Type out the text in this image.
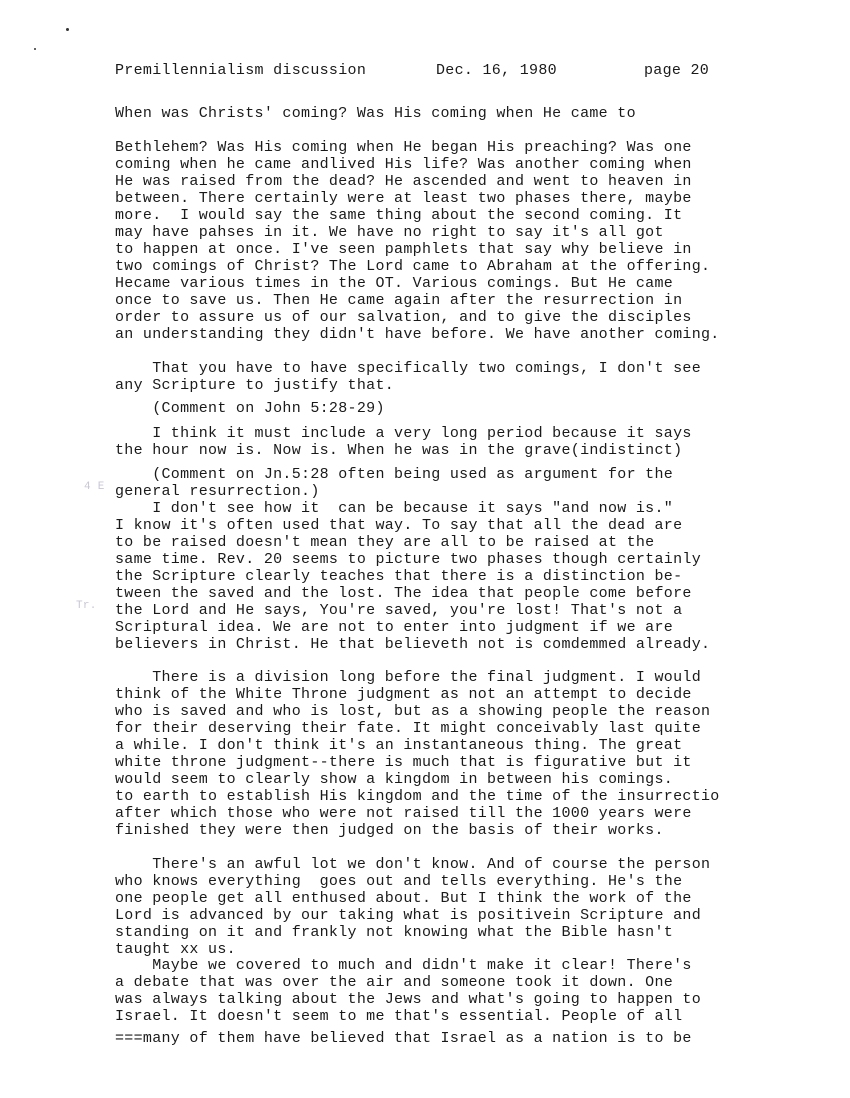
Premillennialism discussion	Dec. 16, 1980	page 20
4 E
Tr.
When was Christs' coming? Was His coming when He came to
Bethlehem? Was His coming when He began His preaching? Was one
coming when he came andlived His life? Was another coming when
He was raised from the dead? He ascended and went to heaven in
between. There certainly were at least two phases there, maybe
more.  I would say the same thing about the second coming. It
may have pahses in it. We have no right to say it's all got
to happen at once. I've seen pamphlets that say why believe in
two comings of Christ? The Lord came to Abraham at the offering.
Hecame various times in the OT. Various comings. But He came
once to save us. Then He came again after the resurrection in
order to assure us of our salvation, and to give the disciples
an understanding they didn't have before. We have another coming.
That you have to have specifically two comings, I don't see
any Scripture to justify that.
(Comment on John 5:28-29)
I think it must include a very long period because it says
the hour now is. Now is. When he was in the grave(indistinct)
(Comment on Jn.5:28 often being used as argument for the
general resurrection.)
I don't see how it  can be because it says "and now is."
I know it's often used that way. To say that all the dead are
to be raised doesn't mean they are all to be raised at the
same time. Rev. 20 seems to picture two phases though certainly
the Scripture clearly teaches that there is a distinction be-
tween the saved and the lost. The idea that people come before
the Lord and He says, You're saved, you're lost! That's not a
Scriptural idea. We are not to enter into judgment if we are
believers in Christ. He that believeth not is comdemmed already.
There is a division long before the final judgment. I would
think of the White Throne judgment as not an attempt to decide
who is saved and who is lost, but as a showing people the reason
for their deserving their fate. It might conceivably last quite
a while. I don't think it's an instantaneous thing. The great
white throne judgment--there is much that is figurative but it
would seem to clearly show a kingdom in between his comings.
to earth to establish His kingdom and the time of the insurrectio
after which those who were not raised till the 1000 years were
finished they were then judged on the basis of their works.
There's an awful lot we don't know. And of course the person
who knows everything  goes out and tells everything. He's the
one people get all enthused about. But I think the work of the
Lord is advanced by our taking what is positivein Scripture and
standing on it and frankly not knowing what the Bible hasn't
taught xx us.
Maybe we covered to much and didn't make it clear! There's
a debate that was over the air and someone took it down. One
was always talking about the Jews and what's going to happen to
Israel. It doesn't seem to me that's essential. People of all
===many of them have believed that Israel as a nation is to be
